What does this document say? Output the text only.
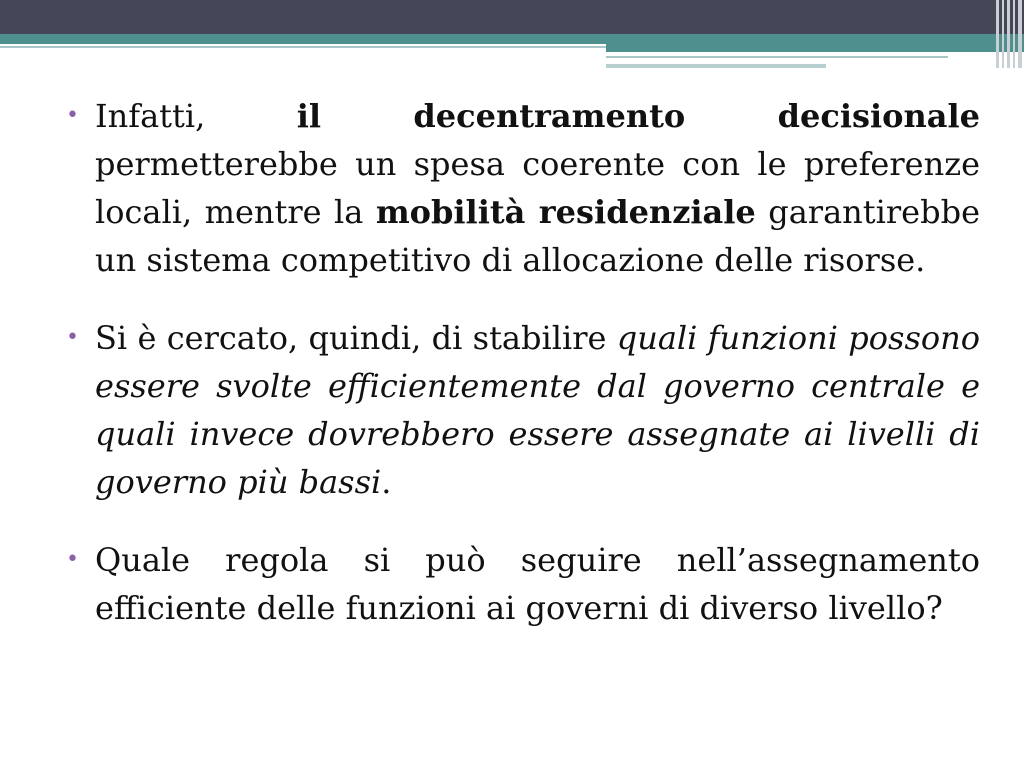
• Infatti, il decentramento decisionale permetterebbe un spesa coerente con le preferenze locali, mentre la mobilità residenziale garantirebbe un sistema competitivo di allocazione delle risorse.

• Si è cercato, quindi, di stabilire quali funzioni possono essere svolte efficientemente dal governo centrale e quali invece dovrebbero essere assegnate ai livelli di governo più bassi.

• Quale regola si può seguire nell’assegnamento efficiente delle funzioni ai governi di diverso livello?
